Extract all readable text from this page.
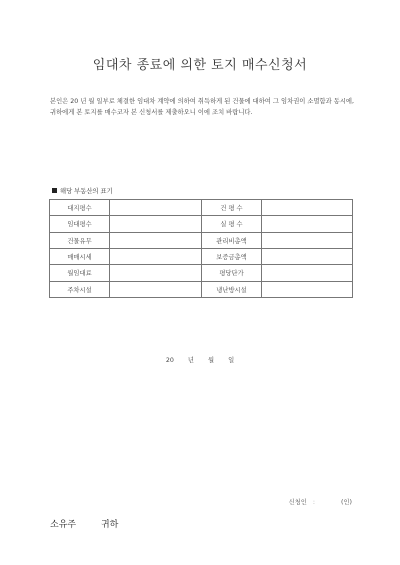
임대차 종료에 의한 토지 매수신청서
본인은 20 년 월 일부로 체결한 임대차 계약에 의하여 취득하게 된 건물에 대하여 그 임차권이 소멸함과 동시에, 귀하에게 본 토지를 매수코자 본 신청서를 제출하오니 이에 조치 바랍니다.
해당 부동산의 표기
대지평수		건 평 수	
임대평수		실 평 수	
건물유무		관리비총액	
매매시세		보증금총액	
월임대료		평당단가	
주차시설		냉난방시설	
20 년 월 일
신청인 :	(인)
소유주	귀하
